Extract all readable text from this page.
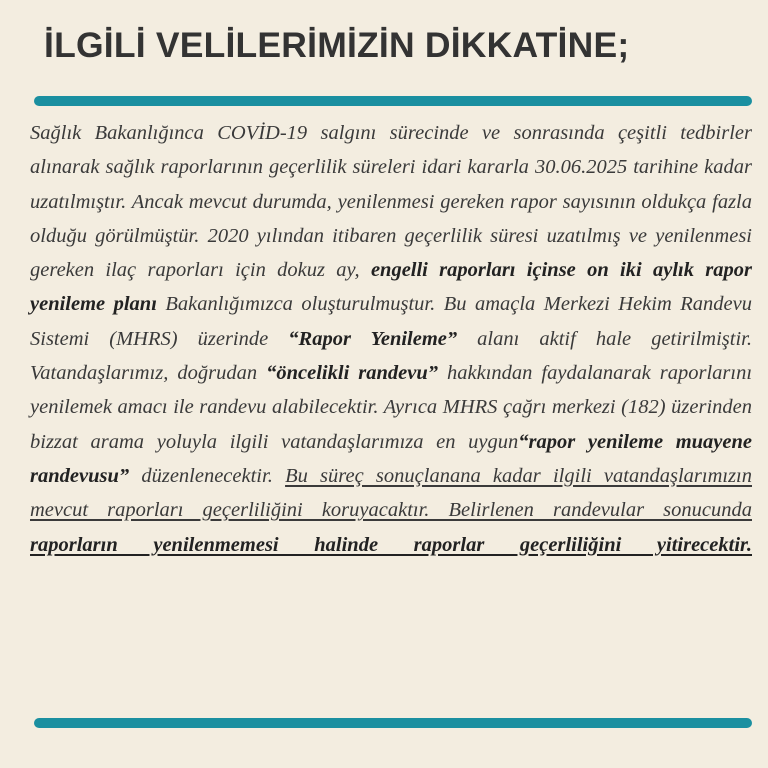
İLGİLİ VELİLERİMİZİN DİKKATİNE;

Sağlık Bakanlığınca COVİD-19 salgını sürecinde ve sonrasında çeşitli tedbirler alınarak sağlık raporlarının geçerlilik süreleri idari kararla 30.06.2025 tarihine kadar uzatılmıştır. Ancak mevcut durumda, yenilenmesi gereken rapor sayısının oldukça fazla olduğu görülmüştür. 2020 yılından itibaren geçerlilik süresi uzatılmış ve yenilenmesi gereken ilaç raporları için dokuz ay, engelli raporları içinse on iki aylık rapor yenileme planı Bakanlığımızca oluşturulmuştur. Bu amaçla Merkezi Hekim Randevu Sistemi (MHRS) üzerinde “Rapor Yenileme” alanı aktif hale getirilmiştir. Vatandaşlarımız, doğrudan “öncelikli randevu” hakkından faydalanarak raporlarını yenilemek amacı ile randevu alabilecektir. Ayrıca MHRS çağrı merkezi (182) üzerinden bizzat arama yoluyla ilgili vatandaşlarımıza en uygun“rapor yenileme muayene randevusu” düzenlenecektir. Bu süreç sonuçlanana kadar ilgili vatandaşlarımızın mevcut raporları geçerliliğini koruyacaktır. Belirlenen randevular sonucunda raporların yenilenmemesi halinde raporlar geçerliliğini yitirecektir.
